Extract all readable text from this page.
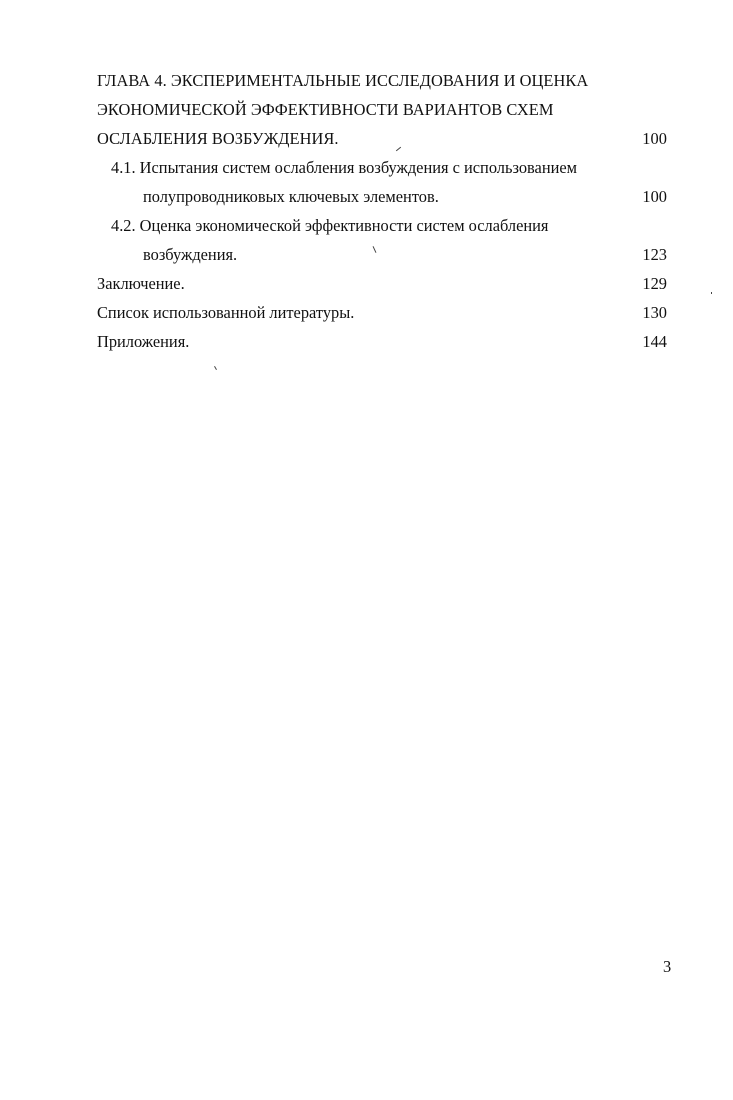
ГЛАВА 4. ЭКСПЕРИМЕНТАЛЬНЫЕ ИССЛЕДОВАНИЯ И ОЦЕНКА
ЭКОНОМИЧЕСКОЙ ЭФФЕКТИВНОСТИ ВАРИАНТОВ СХЕМ
ОСЛАБЛЕНИЯ ВОЗБУЖДЕНИЯ.	100
4.1. Испытания систем ослабления возбуждения с использованием
полупроводниковых ключевых элементов.	100
4.2. Оценка экономической эффективности систем ослабления
возбуждения.	123
Заключение.	129
Список использованной литературы.	130
Приложения.	144
3
